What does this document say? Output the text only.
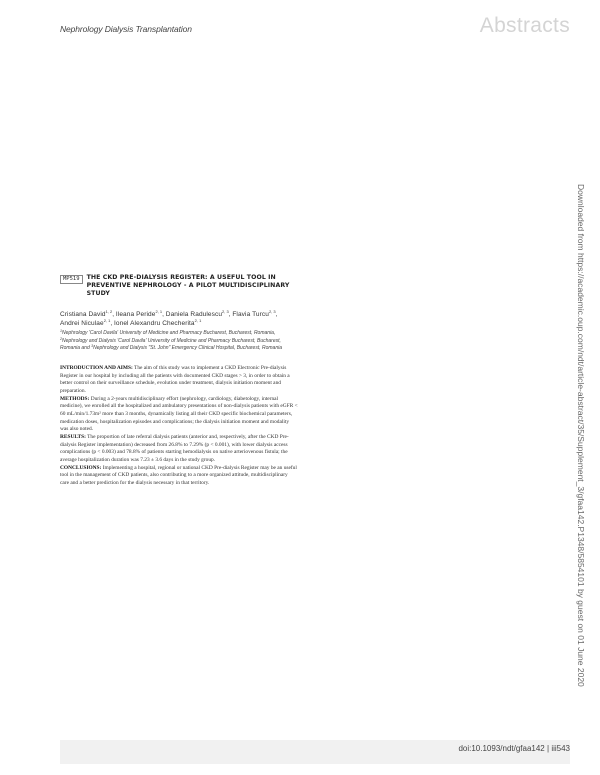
Nephrology Dialysis Transplantation	Abstracts
Downloaded from https://academic.oup.com/ndt/article-abstract/35/Supplement_3/gfaa142.P1348/5854101 by guest on 01 June 2020
MP519	THE CKD PRE-DIALYSIS REGISTER: A USEFUL TOOL IN PREVENTIVE NEPHROLOGY - A PILOT MULTIDISCIPLINARY STUDY
Cristiana David$^{1, 2}$, Ileana Peride$^{2, 1}$, Daniela Radulescu$^{2, 3}$, Flavia Turcu$^{2, 3}$, Andrei Niculae$^{2, 1}$, Ionel Alexandru Checherita$^{2, 1}$
$^1$Nephrology 'Carol Davila' University of Medicine and Pharmacy Bucharest, Bucharest, Romania, $^2$Nephrology and Dialysis 'Carol Davila' University of Medicine and Pharmacy Bucharest, Bucharest, Romania and $^3$Nephrology and Dialysis "St. John" Emergency Clinical Hospital, Bucharest, Romania

INTRODUCTION AND AIMS: The aim of this study was to implement a CKD Electronic Pre-dialysis Register in our hospital by including all the patients with documented CKD stages > 3, in order to obtain a better control on their surveillance schedule, evolution under treatment, dialysis initiation moment and preparation.

METHODS: During a 2-years multidisciplinary effort (nephrology, cardiology, diabetology, internal medicine), we enrolled all the hospitalized and ambulatory presentations of non-dialysis patients with eGFR < 60 mL/min/1.73m² more than 3 months, dynamically listing all their CKD specific biochemical parameters, medication doses, hospitalization episodes and complications; the dialysis initiation moment and modality was also noted.

RESULTS: The proportion of late referral dialysis patients (anterior and, respectively, after the CKD Pre-dialysis Register implementation) decreased from 26.8% to 7.29% (p < 0.001), with lower dialysis access complications (p < 0.003) and 78.8% of patients starting hemodialysis on native arteriovenous fistula; the average hospitalization duration was 7.23 ± 3.6 days in the study group.

CONCLUSIONS: Implementing a hospital, regional or national CKD Pre-dialysis Register may be an useful tool in the management of CKD patients, also contributing to a more organized attitude, multidisciplinary care and a better prediction for the dialysis necessary in that territory.

doi:10.1093/ndt/gfaa142 | iii543
